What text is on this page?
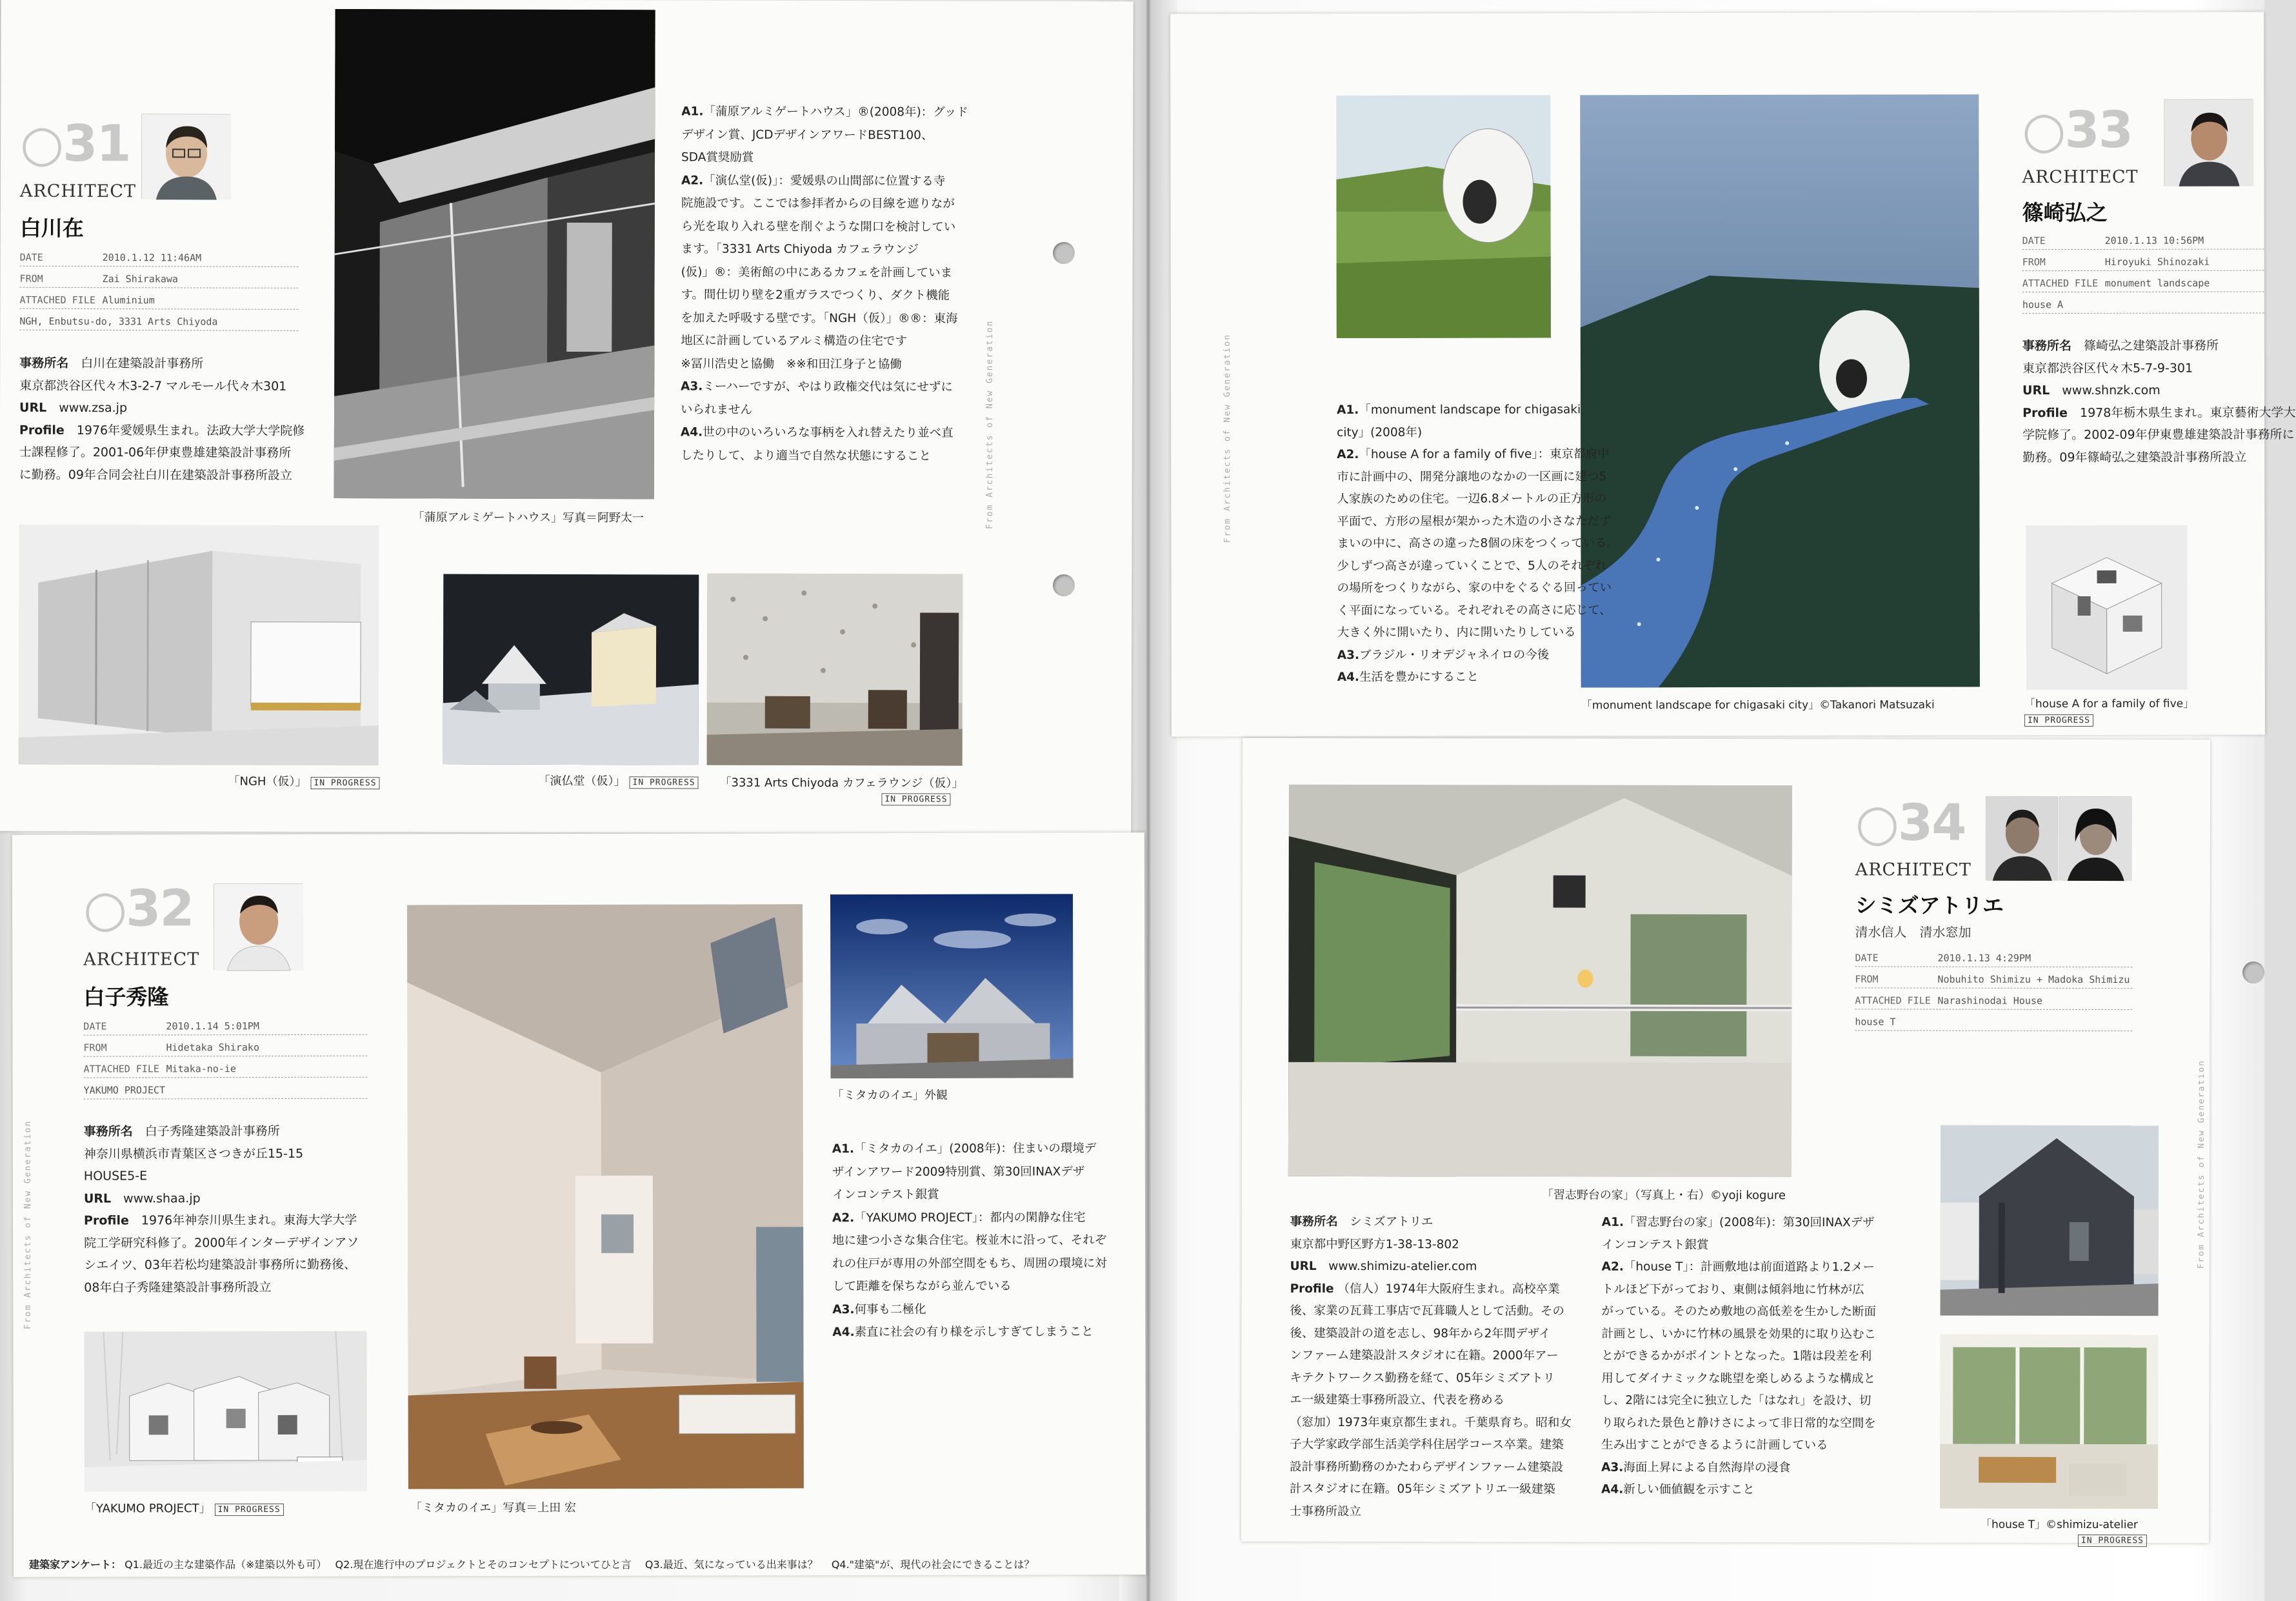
○31
ARCHITECT
白川在
DATE	2010.1.12 11:46AM
FROM	Zai Shirakawa
ATTACHED FILE Aluminium
NGH, Enbutsu-do, 3331 Arts Chiyoda
事務所名　 白川在建築設計事務所
東京都渋谷区代々木3-2-7 マルモール代々木301
URL　 www.zsa.jp
Profile　 1976年愛媛県生まれ。法政大学大学院修
士課程修了。2001-06年伊東豊雄建築設計事務所
に勤務。09年合同会社白川在建築設計事務所設立
「蒲原アルミゲートハウス」写真＝阿野太一
A1.「蒲原アルミゲートハウス」®(2008年)：グッド
デザイン賞、JCDデザインアワードBEST100、
SDA賞奨励賞
A2.「演仏堂(仮)」：愛媛県の山間部に位置する寺
院施設です。ここでは参拝者からの目線を遮りなが
ら光を取り入れる壁を削ぐような開口を検討してい
ます。「3331 Arts Chiyoda カフェラウンジ
(仮)」®：美術館の中にあるカフェを計画していま
す。間仕切り壁を2重ガラスでつくり、ダクト機能
を加えた呼吸する壁です。「NGH（仮）」®®：東海
地区に計画しているアルミ構造の住宅です
※冨川浩史と協働　※※和田江身子と協働
A3.ミーハーですが、やはり政権交代は気にせずに
いられません
A4.世の中のいろいろな事柄を入れ替えたり並べ直
したりして、より適当で自然な状態にすること
「NGH（仮）」 IN PROGRESS	「演仏堂（仮）」 IN PROGRESS 「3331 Arts Chiyoda カフェラウンジ（仮）」
IN PROGRESS
○32
ARCHITECT
白子秀隆
DATE	2010.1.14 5:01PM
FROM	Hidetaka Shirako
ATTACHED FILE Mitaka-no-ie
YAKUMO PROJECT
事務所名　 白子秀隆建築設計事務所
神奈川県横浜市青葉区さつきが丘15-15
HOUSE5-E
URL　 www.shaa.jp
Profile　 1976年神奈川県生まれ。東海大学大学
院工学研究科修了。2000年インターデザインアソ
シエイツ、03年若松均建築設計事務所に勤務後、
08年白子秀隆建築設計事務所設立
「YAKUMO PROJECT」 IN PROGRESS	「ミタカのイエ」写真＝上田 宏
「ミタカのイエ」外観
A1.「ミタカのイエ」(2008年)：住まいの環境デ
ザインアワード2009特別賞、第30回INAXデザ
インコンテスト銀賞
A2.「YAKUMO PROJECT」：都内の閑静な住宅
地に建つ小さな集合住宅。桜並木に沿って、それぞ
れの住戸が専用の外部空間をもち、周囲の環境に対
して距離を保ちながら並んでいる
A3.何事も二極化
A4.素直に社会の有り様を示しすぎてしまうこと
From Architects of New Generation
From Architects of New Generation	From Architects of New Generation
「monument landscape for chigasaki city」©Takanori Matsuzaki
A1.「monument landscape for chigasaki
city」(2008年)
A2.「house A for a family of five」：東京都府中
市に計画中の、開発分譲地のなかの一区画に建つ5
人家族のための住宅。一辺6.8メートルの正方形の
平面で、方形の屋根が架かった木造の小さなただず
まいの中に、高さの違った8個の床をつくっている。
少しずつ高さが違っていくことで、5人のそれぞれ
の場所をつくりながら、家の中をぐるぐる回ってい
く平面になっている。それぞれその高さに応じて、
大きく外に開いたり、内に開いたりしている
A3.ブラジル・リオデジャネイロの今後
A4.生活を豊かにすること
○33
ARCHITECT
篠崎弘之
DATE	2010.1.13 10:56PM
FROM	Hiroyuki Shinozaki
ATTACHED FILE monument landscape
house A
事務所名　 篠崎弘之建築設計事務所
東京都渋谷区代々木5-7-9-301
URL　 www.shnzk.com
Profile　 1978年栃木県生まれ。東京藝術大学大
学院修了。2002-09年伊東豊雄建築設計事務所に
勤務。09年篠崎弘之建築設計事務所設立
「house A for a family of five」
IN PROGRESS
From Architects of New Generation
「習志野台の家」（写真上・右）©yoji kogure
○34
ARCHITECT
シミズアトリエ
清水信人　清水窓加
DATE	2010.1.13 4:29PM
FROM	Nobuhito Shimizu + Madoka Shimizu
ATTACHED FILE Narashinodai House
house T
事務所名　 シミズアトリエ
東京都中野区野方1-38-13-802
URL　 www.shimizu-atelier.com
Profile （信人）1974年大阪府生まれ。高校卒業
後、家業の瓦葺工事店で瓦葺職人として活動。その
後、建築設計の道を志し、98年から2年間デザイ
ンファーム建築設計スタジオに在籍。2000年アー
キテクトワークス勤務を経て、05年シミズアトリ
エ一級建築士事務所設立、代表を務める
（窓加）1973年東京都生まれ。千葉県育ち。昭和女
子大学家政学部生活美学科住居学コース卒業。建築
設計事務所勤務のかたわらデザインファーム建築設
計スタジオに在籍。05年シミズアトリエ一級建築
士事務所設立
A1.「習志野台の家」(2008年)：第30回INAXデザ
インコンテスト銀賞
A2.「house T」：計画敷地は前面道路より1.2メー
トルほど下がっており、東側は傾斜地に竹林が広
がっている。そのため敷地の高低差を生かした断面
計画とし、いかに竹林の風景を効果的に取り込むこ
とができるかがポイントとなった。1階は段差を利
用してダイナミックな眺望を楽しめるような構成と
し、2階には完全に独立した「はなれ」を設け、切
り取られた景色と静けさによって非日常的な空間を
生み出すことができるように計画している
A3.海面上昇による自然海岸の浸食
A4.新しい価値観を示すこと
「house T」©shimizu-atelier
IN PROGRESS
建築家アンケート： Q1.最近の主な建築作品（※建築以外も可）　 Q2.現在進行中のプロジェクトとそのコンセプトについてひと言　 Q3.最近、気になっている出来事は？　 Q4."建築"が、現代の社会にできることは？
